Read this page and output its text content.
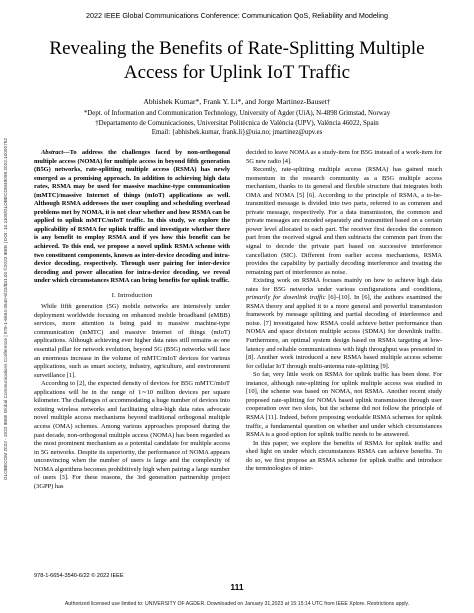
2022 IEEE Global Communications Conference: Communication QoS, Reliability and Modeling
Revealing the Benefits of Rate-Splitting Multiple
Access for Uplink IoT Traffic
Abhishek Kumar*, Frank Y. Li*, and Jorge Martinez-Bauset†
*Dept. of Information and Communication Technology, University of Agder (UiA), N-4898 Grimstad, Norway
†Departamento de Comunicaciones, Universitat Politècnica de València (UPV), València 46022, Spain
Email: {abhishek.kumar, frank.li}@uia.no; jmartinez@upv.es

Abstract—To address the challenges faced by non-orthogonal multiple access (NOMA) for multiple access in beyond fifth generation (B5G) networks, rate-splitting multiple access (RSMA) has newly emerged as a promising approach. In addition to achieving high data rates, RSMA may be used for massive machine-type communication (mMTC)/massive Internet of things (mIoT) applications as well. Although RSMA addresses the user coupling and scheduling overhead problems met by NOMA, it is not clear whether and how RSMA can be applied to uplink mMTC/mIoT traffic. In this study, we explore the applicability of RSMA for uplink traffic and investigate whether there is any benefit to employ RSMA and if yes how this benefit can be achieved. To this end, we propose a novel uplink RSMA scheme with two constituent components, known as inter-device decoding and intra-device decoding, respectively. Through user pairing for inter-device decoding and power allocation for intra-device decoding, we reveal under which circumstances RSMA can bring benefits for uplink traffic.

I. Introduction

While fifth generation (5G) mobile networks are intensively under deployment worldwide focusing on enhanced mobile broadband (eMBB) services, more attention is being paid to massive machine-type communication (mMTC) and massive Internet of things (mIoT) applications. Although achieving ever higher data rates still remains as one essential pillar for network evolution, beyond 5G (B5G) networks will face an enormous increase in the volume of mMTC/mIoT devices for various applications, such as smart society, industry, agriculture, and environment surveillance [1].

According to [2], the expected density of devices for B5G mMTC/mIoT applications will be in the range of 1∼10 million devices per square kilometer. The challenges of accommodating a huge number of devices into existing wireless networks and facilitating ultra-high data rates advocate novel multiple access mechanisms beyond traditional orthogonal multiple access (OMA) schemes. Among various approaches proposed during the past decade, non-orthogonal multiple access (NOMA) has been regarded as the most prominent mechanism as a potential candidate for multiple access in 5G networks. Despite its superiority, the performance of NOMA appears unconvincing when the number of users is large and the complexity of NOMA algorithms becomes prohibitively high when pairing a large number of users [3]. For these reasons, the 3rd generation partnership project (3GPP) has

978-1-6654-3540-6/22 © 2022 IEEE

decided to leave NOMA as a study-item for B5G instead of a work-item for 5G new radio [4].

Recently, rate-splitting multiple access (RSMA) has gained much momentum in the research community as a B5G multiple access mechanism, thanks to its general and flexible structure that integrates both OMA and NOMA [5] [6]. According to the principle of RSMA, a to-be-transmitted message is divided into two parts, referred to as common and private message, respectively. For a data transmission, the common and private messages are encoded separately and transmitted based on a certain power level allocated to each part. The receiver first decodes the common part from the received signal and then subtracts the common part from the signal to decode the private part based on successive interference cancellation (SIC). Different from earlier access mechanisms, RSMA provides the capability by partially decoding interference and treating the remaining part of interference as noise.

Existing work on RSMA focuses mainly on how to achieve high data rates for B5G networks under various configurations and conditions, primarily for downlink traffic [6]–[10]. In [6], the authors examined the RSMA theory and applied it to a more general and powerful transmission framework by message splitting and partial decoding of interference and noise. [7] investigated how RSMA could achieve better performance than NOMA and space division multiple access (SDMA) for downlink traffic. Furthermore, an optimal system design based on RSMA targeting at low-latency and reliable communications with high throughput was presented in [8]. Another work introduced a new RSMA based multiple access scheme for cellular IoT through multi-antenna rate-splitting [9].

So far, very little work on RSMA for uplink traffic has been done. For instance, although rate-splitting for uplink multiple access was studied in [10], the scheme was based on NOMA, not RSMA. Another recent study proposed rate-splitting for NOMA based uplink transmission through user cooperation over two slots, but the scheme did not follow the principle of RSMA [11]. Indeed, before proposing workable RSMA schemes for uplink traffic, a fundamental question on whether and under which circumstances RSMA is a good option for uplink traffic needs to be answered.

In this paper, we explore the benefits of RSMA for uplink traffic and shed light on under which circumstances RSMA can achieve benefits. To do so, we first propose an RSMA scheme for uplink traffic and introduce the terminologies of inter-

GLOBECOM 2022 - 2022 IEEE Global Communications Conference | 978-1-6654-3540-6/22/$31.00 ©2022 IEEE | DOI: 10.1109/GLOBECOM48099.2022.10000752
111
Authorized licensed use limited to: UNIVERSITY OF AGDER. Downloaded on January 31,2023 at 15:15:14 UTC from IEEE Xplore. Restrictions apply.
